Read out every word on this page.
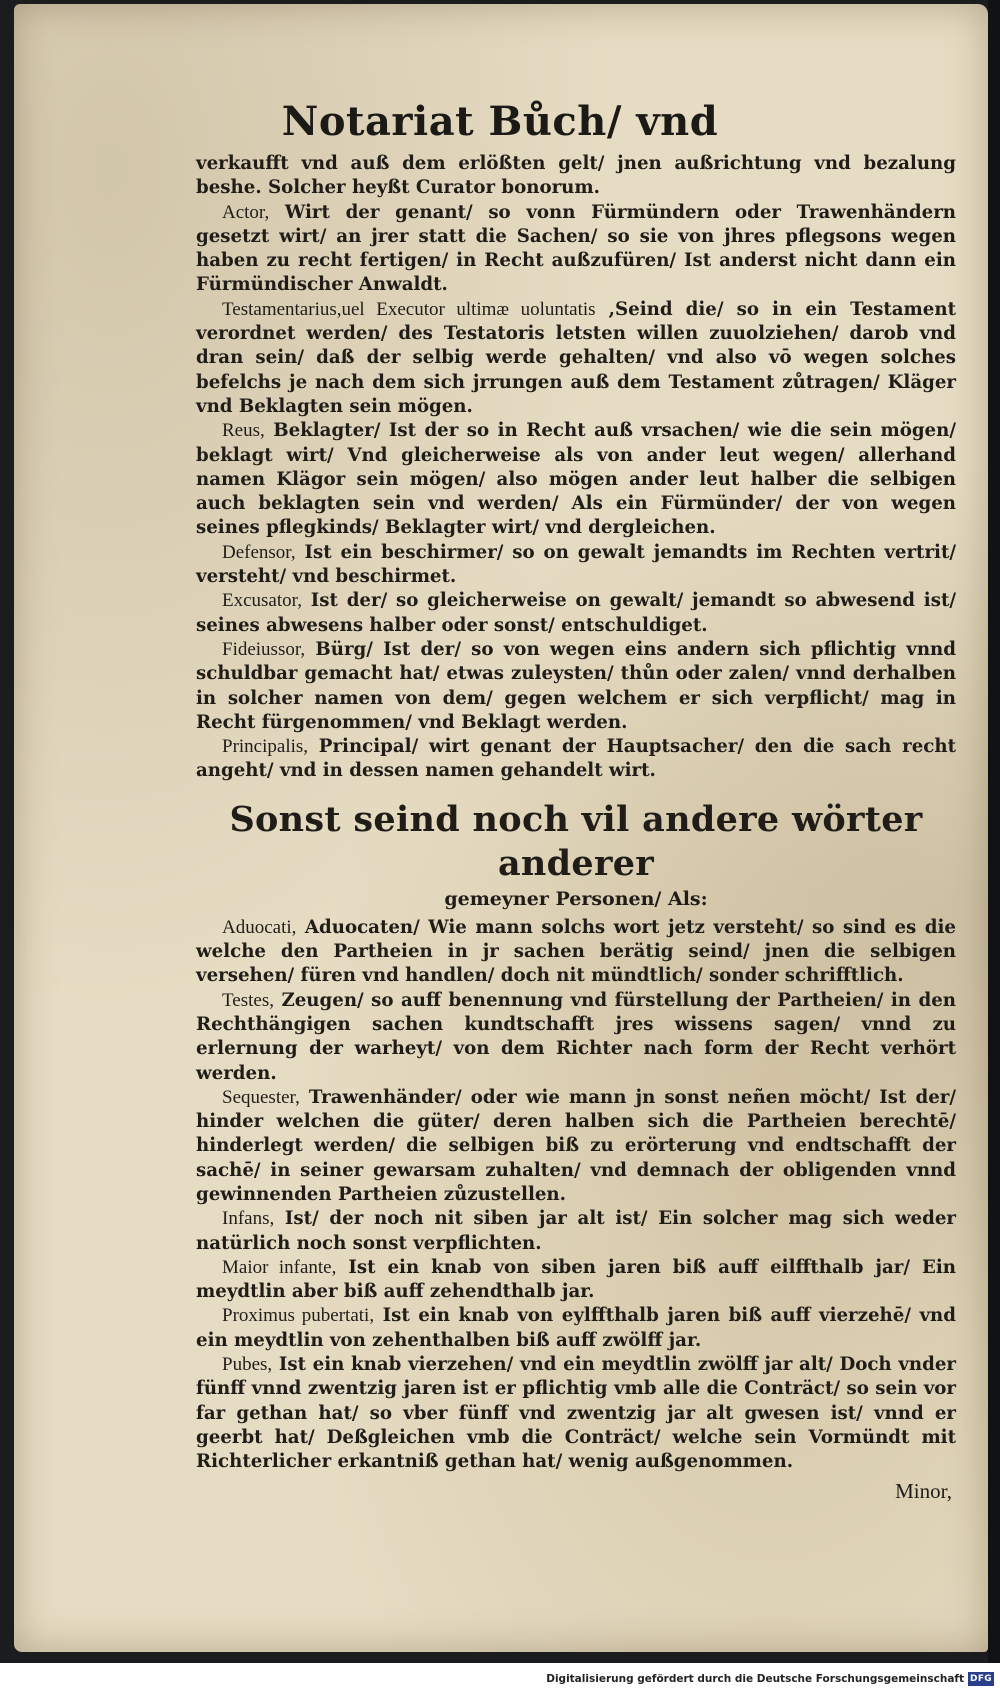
Notariat Bůch/ vnd

verkaufft vnd auß dem erlößten gelt/ jnen außrichtung vnd bezalung beshe. Solcher heyßt Curator bonorum.

Actor, Wirt der genant/ so vonn Fürmündern oder Trawenhändern gesetzt wirt/ an jrer statt die Sachen/ so sie von jhres pflegsons wegen haben zu recht fertigen/ in Recht außzufüren/ Ist anderst nicht dann ein Fürmündischer Anwaldt.

Testamentarius,uel Executor ultimæ uoluntatis ,Seind die/ so in ein Testament verordnet werden/ des Testatoris letsten willen zuuolziehen/ darob vnd dran sein/ daß der selbig werde gehalten/ vnd also vō wegen solches befelchs je nach dem sich jrrungen auß dem Testament zůtragen/ Kläger vnd Beklagten sein mögen.

Reus, Beklagter/ Ist der so in Recht auß vrsachen/ wie die sein mögen/ beklagt wirt/ Vnd gleicherweise als von ander leut wegen/ allerhand namen Klägor sein mögen/ also mögen ander leut halber die selbigen auch beklagten sein vnd werden/ Als ein Fürmünder/ der von wegen seines pflegkinds/ Beklagter wirt/ vnd dergleichen.

Defensor, Ist ein beschirmer/ so on gewalt jemandts im Rechten vertrit/ versteht/ vnd beschirmet.

Excusator, Ist der/ so gleicherweise on gewalt/ jemandt so abwesend ist/ seines abwesens halber oder sonst/ entschuldiget.

Fideiussor, Bürg/ Ist der/ so von wegen eins andern sich pflichtig vnnd schuldbar gemacht hat/ etwas zuleysten/ thůn oder zalen/ vnnd derhalben in solcher namen von dem/ gegen welchem er sich verpflicht/ mag in Recht fürgenommen/ vnd Beklagt werden.

Principalis, Principal/ wirt genant der Hauptsacher/ den die sach recht angeht/ vnd in dessen namen gehandelt wirt.

Sonst seind noch vil andere wörter anderer
gemeyner Personen/ Als:

Aduocati, Aduocaten/ Wie mann solchs wort jetz versteht/ so sind es die welche den Partheien in jr sachen berätig seind/ jnen die selbigen versehen/ füren vnd handlen/ doch nit mündtlich/ sonder schrifftlich.

Testes, Zeugen/ so auff benennung vnd fürstellung der Partheien/ in den Rechthängigen sachen kundtschafft jres wissens sagen/ vnnd zu erlernung der warheyt/ von dem Richter nach form der Recht verhört werden.

Sequester, Trawenhänder/ oder wie mann jn sonst neñen möcht/ Ist der/ hinder welchen die güter/ deren halben sich die Partheien berechtē/ hinderlegt werden/ die selbigen biß zu erörterung vnd endtschafft der sachē/ in seiner gewarsam zuhalten/ vnd demnach der obligenden vnnd gewinnenden Partheien zůzustellen.

Infans, Ist/ der noch nit siben jar alt ist/ Ein solcher mag sich weder natürlich noch sonst verpflichten.

Maior infante, Ist ein knab von siben jaren biß auff eilffthalb jar/ Ein meydtlin aber biß auff zehendthalb jar.

Proximus pubertati, Ist ein knab von eylffthalb jaren biß auff vierzehē/ vnd ein meydtlin von zehenthalben biß auff zwölff jar.

Pubes, Ist ein knab vierzehen/ vnd ein meydtlin zwölff jar alt/ Doch vnder fünff vnnd zwentzig jaren ist er pflichtig vmb alle die Conträct/ so sein vor far gethan hat/ so vber fünff vnd zwentzig jar alt gwesen ist/ vnnd er geerbt hat/ Deßgleichen vmb die Conträct/ welche sein Vormündt mit Richterlicher erkantniß gethan hat/ wenig außgenommen.

Minor,
Digitalisierung gefördert durch die Deutsche Forschungsgemeinschaft DFG
